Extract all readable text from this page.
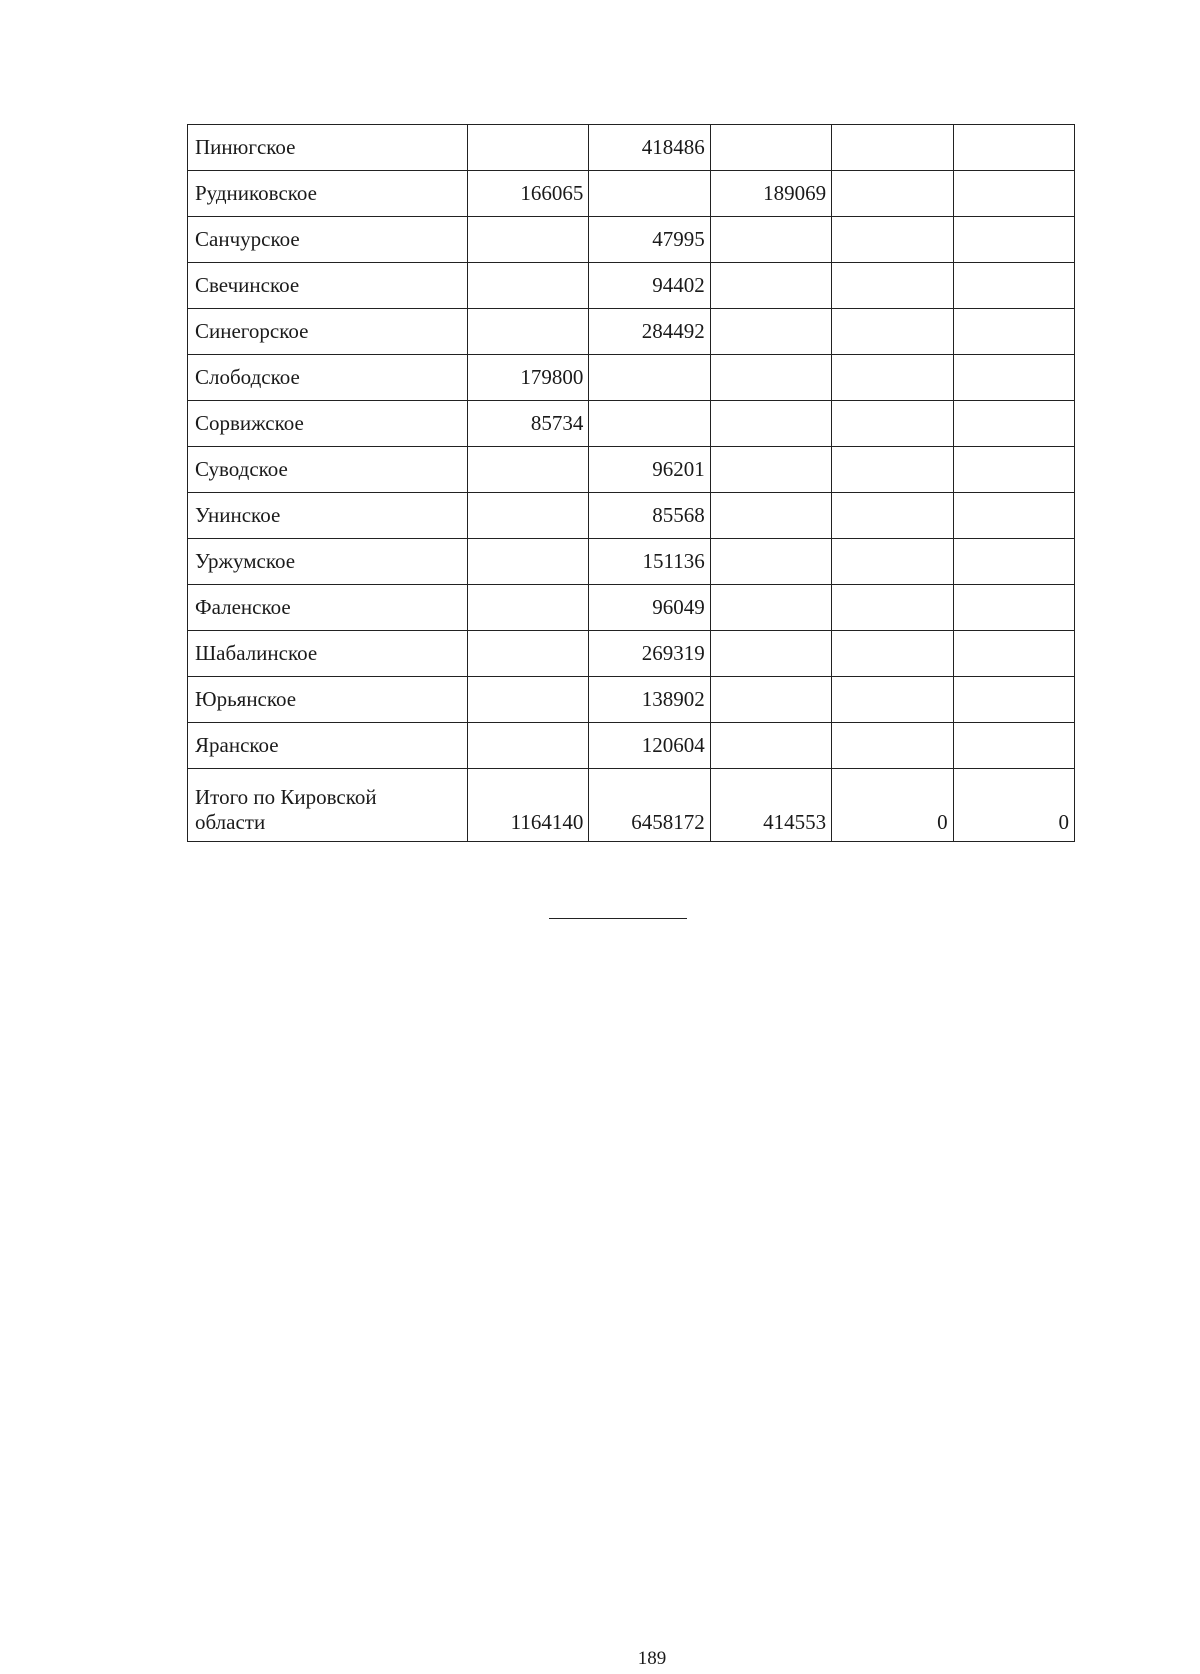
Пинюгское		418486			
Рудниковское	166065		189069		
Санчурское		47995			
Свечинское		94402			
Синегорское		284492			
Слободское	179800				
Сорвижское	85734				
Суводское		96201			
Унинское		85568			
Уржумское		151136			
Фаленское		96049			
Шабалинское		269319			
Юрьянское		138902			
Яранское		120604			
Итого по Кировской
области	1164140	6458172	414553	0	0
189
